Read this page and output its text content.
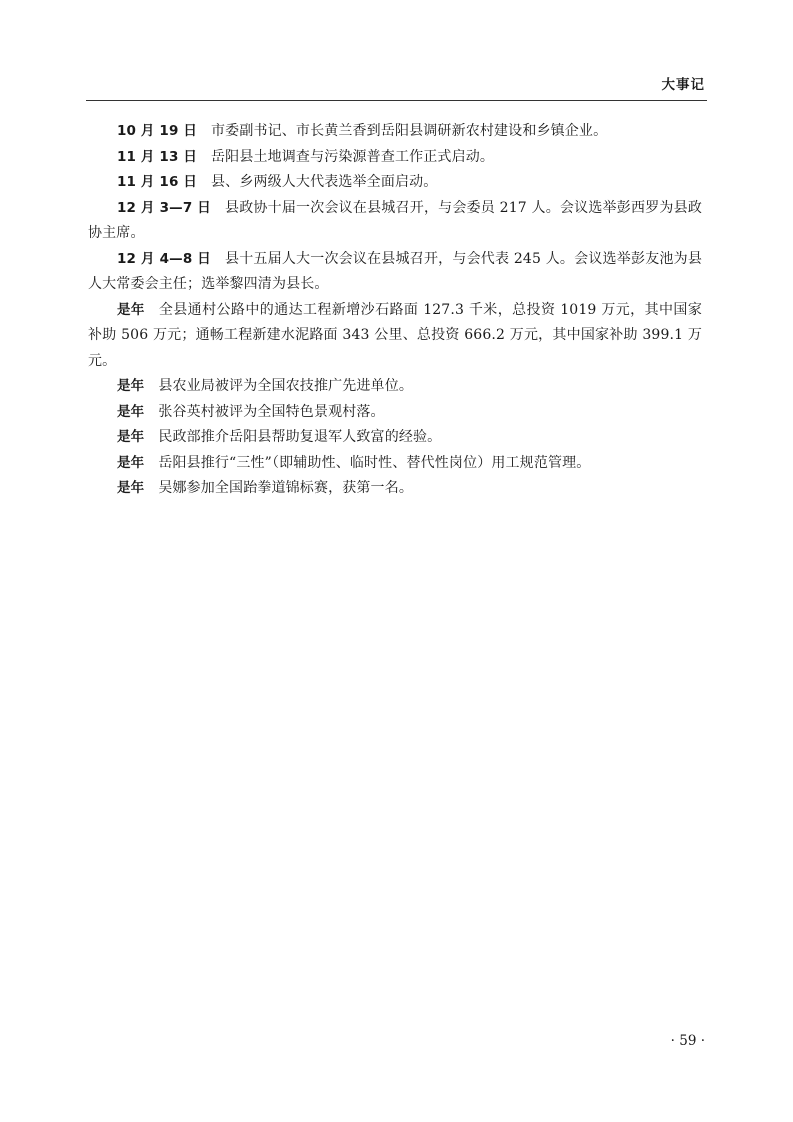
大事记

10 月 19 日 市委副书记、市长黄兰香到岳阳县调研新农村建设和乡镇企业。

11 月 13 日 岳阳县土地调查与污染源普查工作正式启动。

11 月 16 日 县、乡两级人大代表选举全面启动。

12 月 3—7 日 县政协十届一次会议在县城召开，与会委员 217 人。会议选举彭西罗为县政协主席。

12 月 4—8 日 县十五届人大一次会议在县城召开，与会代表 245 人。会议选举彭友池为县人大常委会主任；选举黎四清为县长。

是年 全县通村公路中的通达工程新增沙石路面 127.3 千米，总投资 1019 万元，其中国家补助 506 万元；通畅工程新建水泥路面 343 公里、总投资 666.2 万元，其中国家补助 399.1 万元。

是年 县农业局被评为全国农技推广先进单位。

是年 张谷英村被评为全国特色景观村落。

是年 民政部推介岳阳县帮助复退军人致富的经验。

是年 岳阳县推行“三性”（即辅助性、临时性、替代性岗位）用工规范管理。

是年 吴娜参加全国跆拳道锦标赛，获第一名。

· 59 ·
